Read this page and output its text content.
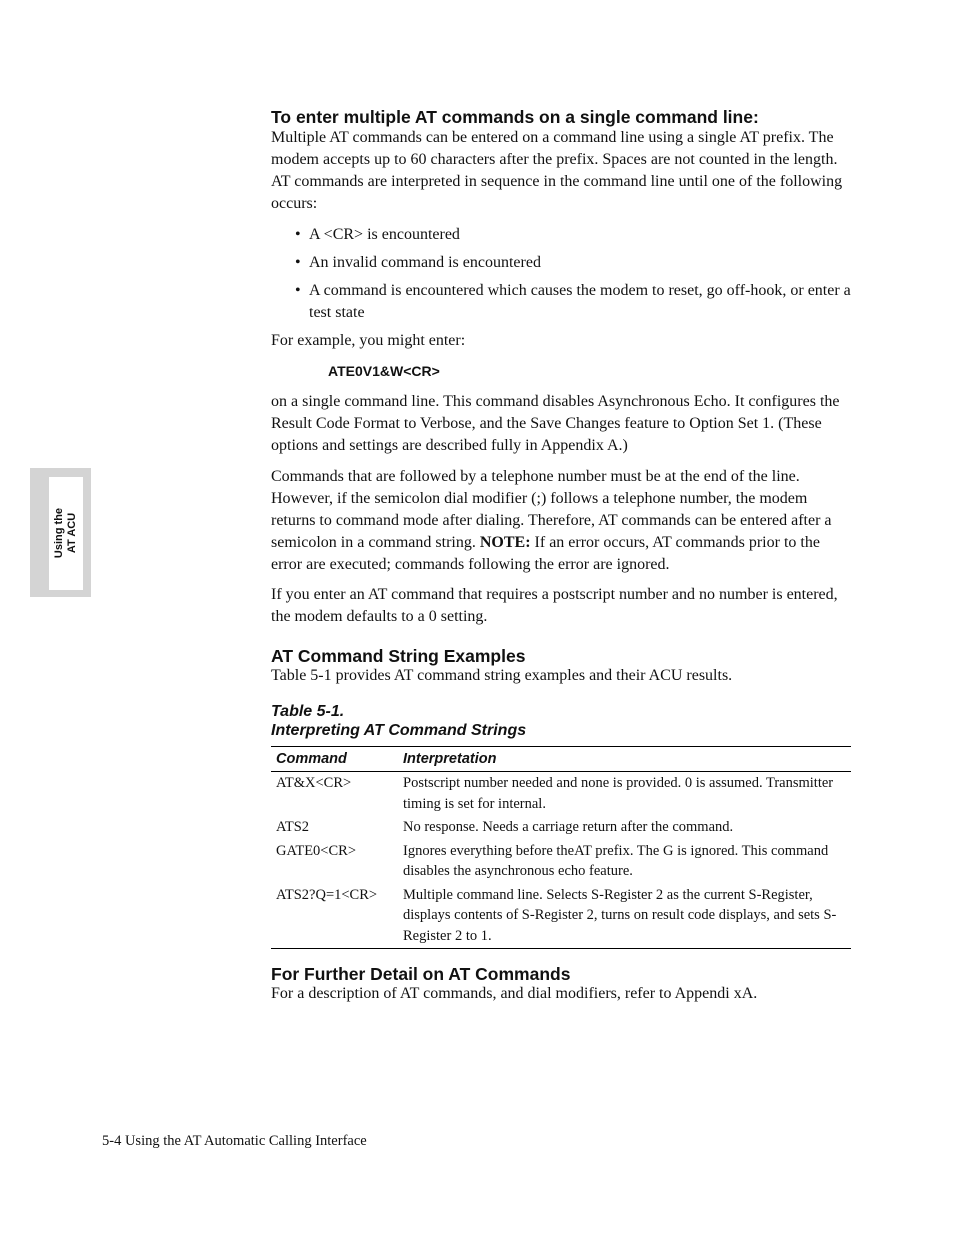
Using the AT ACU
To enter multiple AT commands on a single command line:
Multiple AT commands can be entered on a command line using a single AT prefix. The modem accepts up to 60 characters after the prefix. Spaces are not counted in the length. AT commands are interpreted in sequence in the command line until one of the following occurs:
• A <CR> is encountered
• An invalid command is encountered
• A command is encountered which causes the modem to reset, go off-hook, or enter a test state
For example, you might enter:
ATE0V1&W<CR>
on a single command line. This command disables Asynchronous Echo. It configures the Result Code Format to Verbose, and the Save Changes feature to Option Set 1. (These options and settings are described fully in Appendix A.)
Commands that are followed by a telephone number must be at the end of the line. However, if the semicolon dial modifier (;) follows a telephone number, the modem returns to command mode after dialing. Therefore, AT commands can be entered after a semicolon in a command string. NOTE: If an error occurs, AT commands prior to the error are executed; commands following the error are ignored.
If you enter an AT command that requires a postscript number and no number is entered, the modem defaults to a 0 setting.
AT Command String Examples
Table 5-1 provides AT command string examples and their ACU results.
Table 5-1.
Interpreting AT Command Strings
Command	Interpretation
AT&X<CR>	Postscript number needed and none is provided. 0 is assumed. Transmitter timing is set for internal.
ATS2	No response. Needs a carriage return after the command.
GATE0<CR>	Ignores everything before theAT prefix. The G is ignored. This command disables the asynchronous echo feature.
ATS2?Q=1<CR>	Multiple command line. Selects S-Register 2 as the current S-Register, displays contents of S-Register 2, turns on result code displays, and sets S-Register 2 to 1.
For Further Detail on AT Commands
For a description of AT commands, and dial modifiers, refer to Appendi xA.
5-4 Using the AT Automatic Calling Interface
